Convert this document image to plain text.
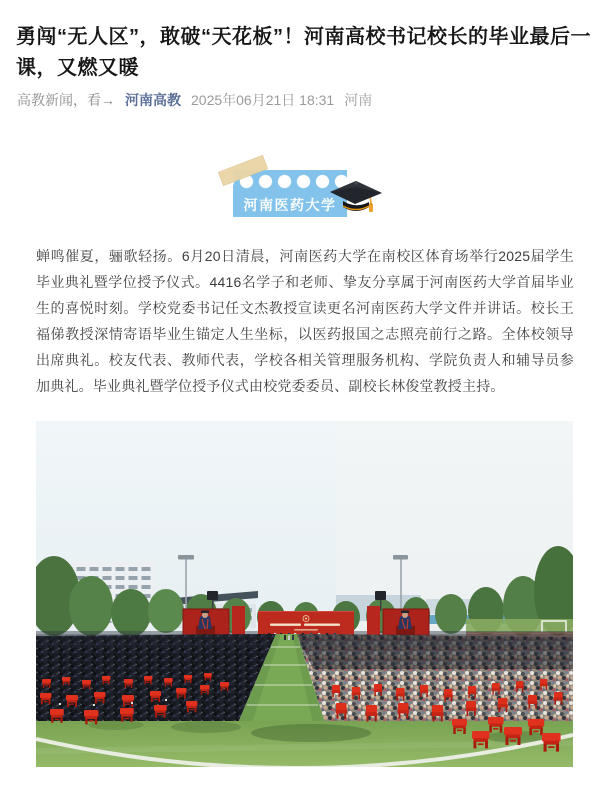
勇闯“无人区”，敢破“天花板”！河南高校书记校长的毕业最后一课，又燃又暖
高教新闻，看→ 河南高教 2025年06月21日 18:31 河南
河南医药大学
蝉鸣催夏，骊歌轻扬。6月20日清晨，河南医药大学在南校区体育场举行2025届学生毕业典礼暨学位授予仪式。4416名学子和老师、挚友分享属于河南医药大学首届毕业生的喜悦时刻。学校党委书记任文杰教授宣读更名河南医药大学文件并讲话。校长王福俤教授深情寄语毕业生锚定人生坐标，以医药报国之志照亮前行之路。全体校领导出席典礼。校友代表、教师代表，学校各相关管理服务机构、学院负责人和辅导员参加典礼。毕业典礼暨学位授予仪式由校党委委员、副校长林俊堂教授主持。
